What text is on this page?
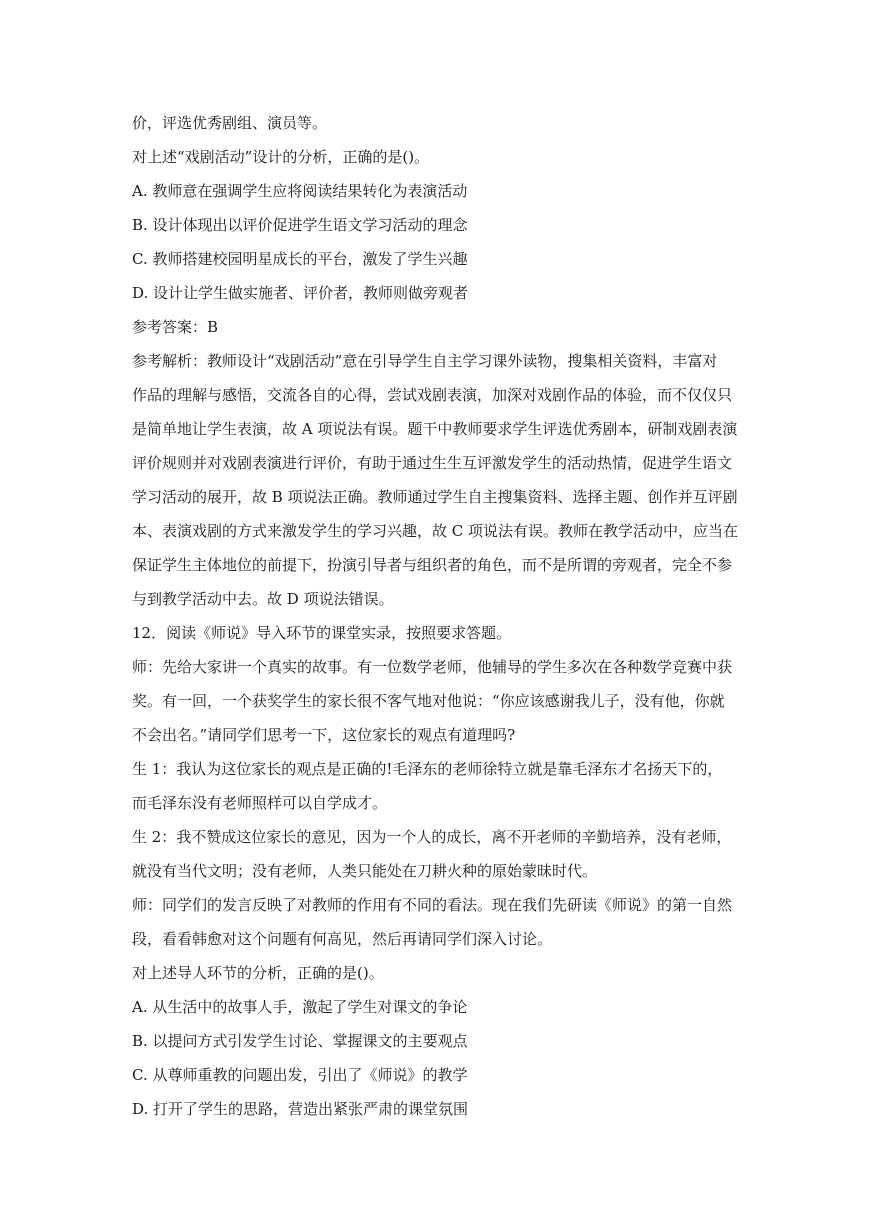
价，评选优秀剧组、演员等。
对上述“戏剧活动”设计的分析，正确的是()。
A. 教师意在强调学生应将阅读结果转化为表演活动
B. 设计体现出以评价促进学生语文学习活动的理念
C. 教师搭建校园明星成长的平台，激发了学生兴趣
D. 设计让学生做实施者、评价者，教师则做旁观者
参考答案：B
参考解析：教师设计“戏剧活动”意在引导学生自主学习课外读物，搜集相关资料，丰富对
作品的理解与感悟，交流各自的心得，尝试戏剧表演，加深对戏剧作品的体验，而不仅仅只
是简单地让学生表演，故 A 项说法有误。题干中教师要求学生评选优秀剧本，研制戏剧表演
评价规则并对戏剧表演进行评价，有助于通过生生互评激发学生的活动热情，促进学生语文
学习活动的展开，故 B 项说法正确。教师通过学生自主搜集资料、选择主题、创作并互评剧
本、表演戏剧的方式来激发学生的学习兴趣，故 C 项说法有误。教师在教学活动中，应当在
保证学生主体地位的前提下，扮演引导者与组织者的角色，而不是所谓的旁观者，完全不参
与到教学活动中去。故 D 项说法错误。
12．阅读《师说》导入环节的课堂实录，按照要求答题。
师：先给大家讲一个真实的故事。有一位数学老师，他辅导的学生多次在各种数学竞赛中获
奖。有一回，一个获奖学生的家长很不客气地对他说：“你应该感谢我儿子，没有他，你就
不会出名。”请同学们思考一下，这位家长的观点有道理吗?
生 1：我认为这位家长的观点是正确的!毛泽东的老师徐特立就是靠毛泽东才名扬天下的，
而毛泽东没有老师照样可以自学成才。
生 2：我不赞成这位家长的意见，因为一个人的成长，离不开老师的辛勤培养，没有老师，
就没有当代文明；没有老师，人类只能处在刀耕火种的原始蒙昧时代。
师：同学们的发言反映了对教师的作用有不同的看法。现在我们先研读《师说》的第一自然
段，看看韩愈对这个问题有何高见，然后再请同学们深入讨论。
对上述导人环节的分析，正确的是()。
A. 从生活中的故事人手，激起了学生对课文的争论
B. 以提问方式引发学生讨论、掌握课文的主要观点
C. 从尊师重教的问题出发，引出了《师说》的教学
D. 打开了学生的思路，营造出紧张严肃的课堂氛围
